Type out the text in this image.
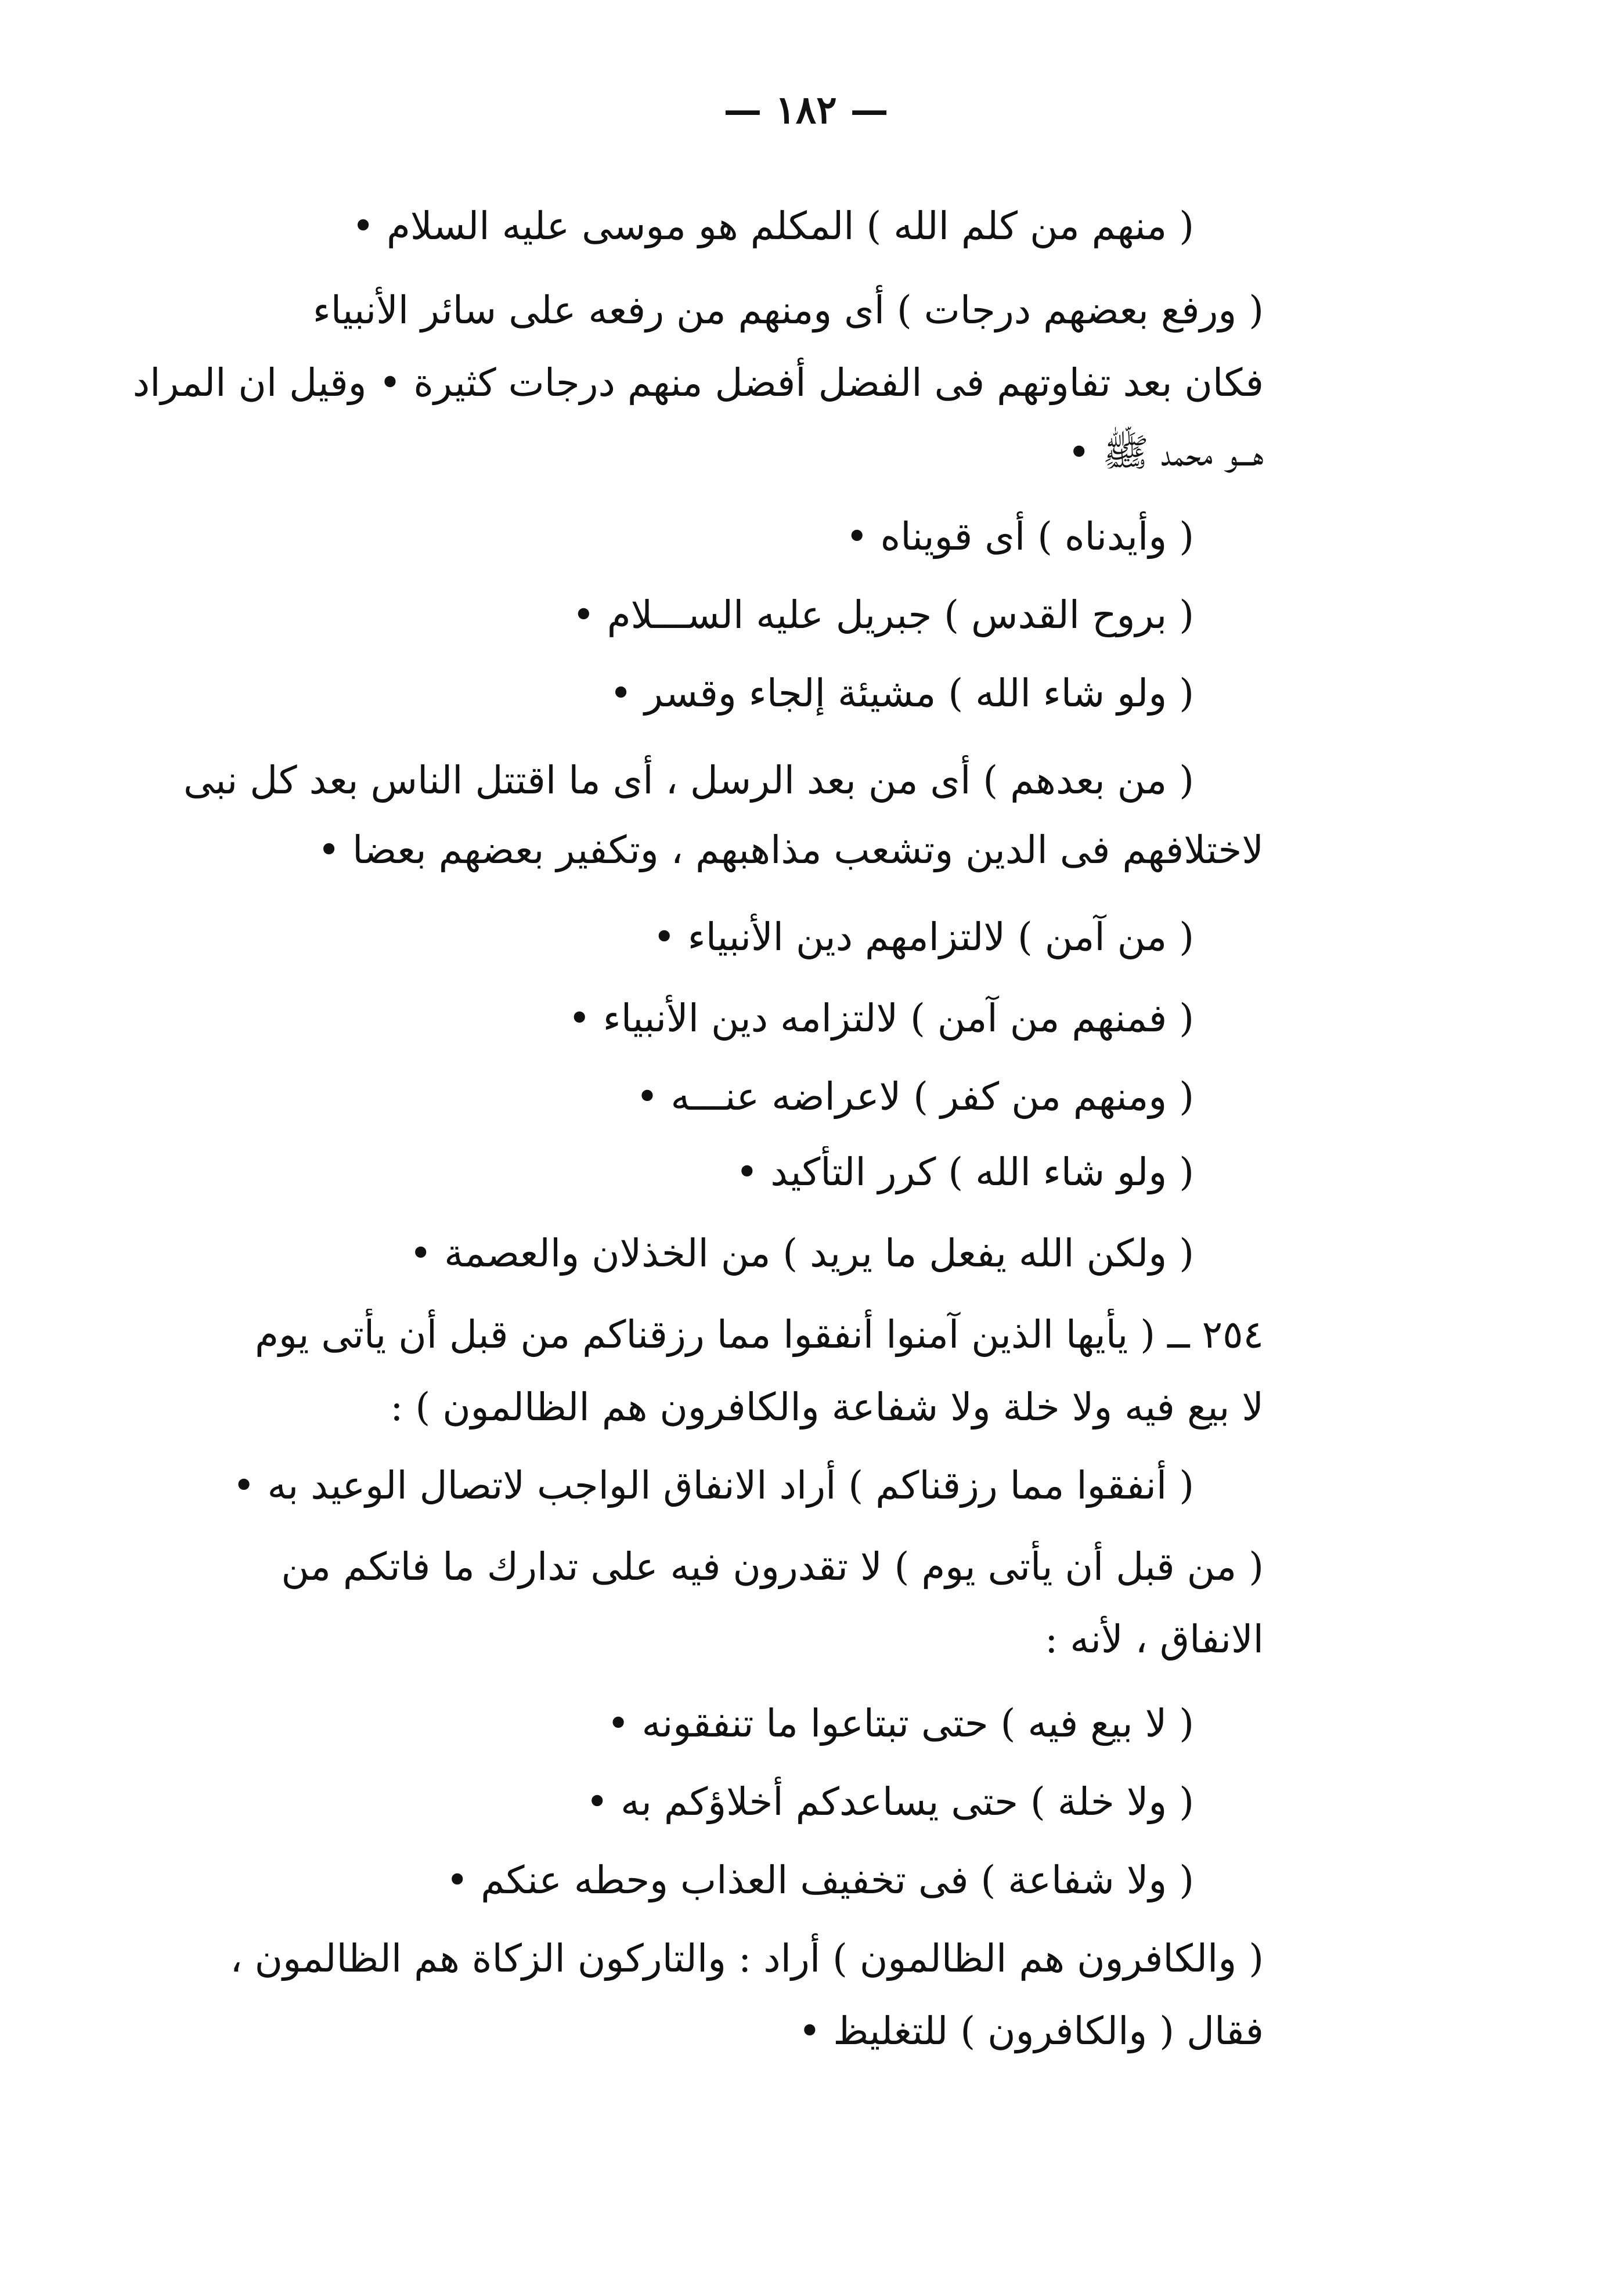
— ١٨٢ —
( منهم من كلم الله ) المكلم هو موسى عليه السلام •
( ورفع بعضهم درجات ) أى ومنهم من رفعه على سائر الأنبياء
فكان بعد تفاوتهم فى الفضل أفضل منهم درجات كثيرة • وقيل ان المراد
هـــو محمد ﷺ •
( وأيدناه ) أى قويناه •
( بروح القدس ) جبريل عليه الســـلام •
( ولو شاء الله ) مشيئة إلجاء وقسر •
( من بعدهم ) أى من بعد الرسل ، أى ما اقتتل الناس بعد كل نبى
لاختلافهم فى الدين وتشعب مذاهبهم ، وتكفير بعضهم بعضا •
( من آمن ) لالتزامهم دين الأنبياء •
( فمنهم من آمن ) لالتزامه دين الأنبياء •
( ومنهم من كفر ) لاعراضه عنـــه •
( ولو شاء الله ) كرر التأكيد •
( ولكن الله يفعل ما يريد ) من الخذلان والعصمة •
٢٥٤ ــ ( يأيها الذين آمنوا أنفقوا مما رزقناكم من قبل أن يأتى يوم
لا بيع فيه ولا خلة ولا شفاعة والكافرون هم الظالمون ) :
( أنفقوا مما رزقناكم ) أراد الانفاق الواجب لاتصال الوعيد به •
( من قبل أن يأتى يوم ) لا تقدرون فيه على تدارك ما فاتكم من
الانفاق ، لأنه :
( لا بيع فيه ) حتى تبتاعوا ما تنفقونه •
( ولا خلة ) حتى يساعدكم أخلاؤكم به •
( ولا شفاعة ) فى تخفيف العذاب وحطه عنكم •
( والكافرون هم الظالمون ) أراد : والتاركون الزكاة هم الظالمون ،
فقال ( والكافرون ) للتغليظ •
